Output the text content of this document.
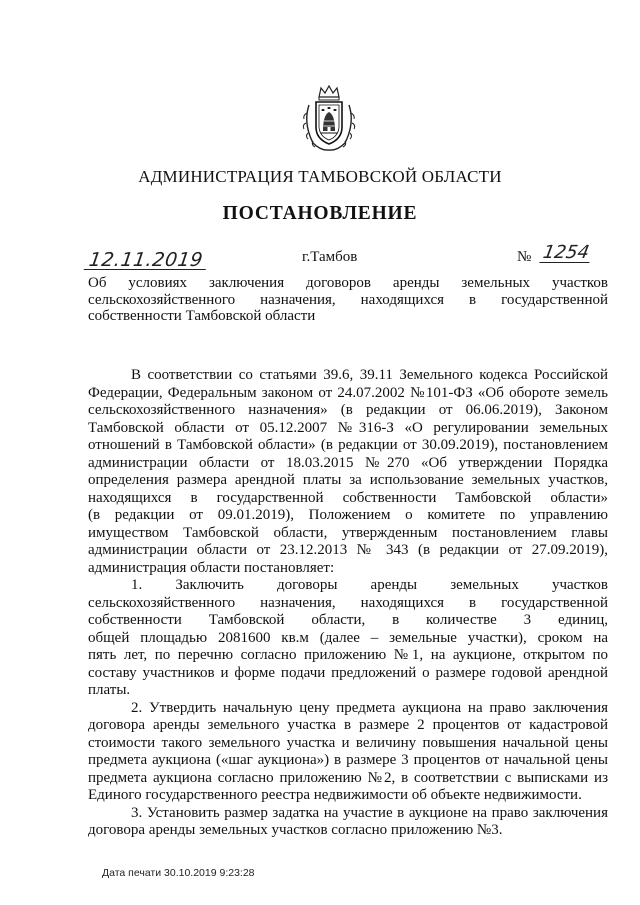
АДМИНИСТРАЦИЯ ТАМБОВСКОЙ ОБЛАСТИ
ПОСТАНОВЛЕНИЕ
12.11.2019	г.Тамбов	№ 1254
Об условиях заключения договоров аренды земельных участков
сельскохозяйственного назначения, находящихся в государственной
собственности Тамбовской области
В соответствии со статьями 39.6, 39.11 Земельного кодекса Российской
Федерации, Федеральным законом от 24.07.2002 №101-ФЗ «Об обороте земель
сельскохозяйственного назначения» (в редакции от 06.06.2019), Законом
Тамбовской области от 05.12.2007 №316-З «О регулировании земельных
отношений в Тамбовской области» (в редакции от 30.09.2019), постановлением
администрации области от 18.03.2015 №270 «Об утверждении Порядка
определения размера арендной платы за использование земельных участков,
находящихся в государственной собственности Тамбовской области»
(в редакции от 09.01.2019), Положением о комитете по управлению
имуществом Тамбовской области, утвержденным постановлением главы
администрации области от 23.12.2013 № 343 (в редакции от 27.09.2019),
администрация области постановляет:
1. Заключить договоры аренды земельных участков
сельскохозяйственного назначения, находящихся в государственной
собственности Тамбовской области, в количестве 3 единиц,
общей площадью 2081600 кв.м (далее – земельные участки), сроком на
пять лет, по перечню согласно приложению №1, на аукционе, открытом по
составу участников и форме подачи предложений о размере годовой арендной
платы.
2. Утвердить начальную цену предмета аукциона на право заключения
договора аренды земельного участка в размере 2 процентов от кадастровой
стоимости такого земельного участка и величину повышения начальной цены
предмета аукциона («шаг аукциона») в размере 3 процентов от начальной цены
предмета аукциона согласно приложению №2, в соответствии с выписками из
Единого государственного реестра недвижимости об объекте недвижимости.
3. Установить размер задатка на участие в аукционе на право заключения
договора аренды земельных участков согласно приложению №3.
Дата печати 30.10.2019 9:23:28
